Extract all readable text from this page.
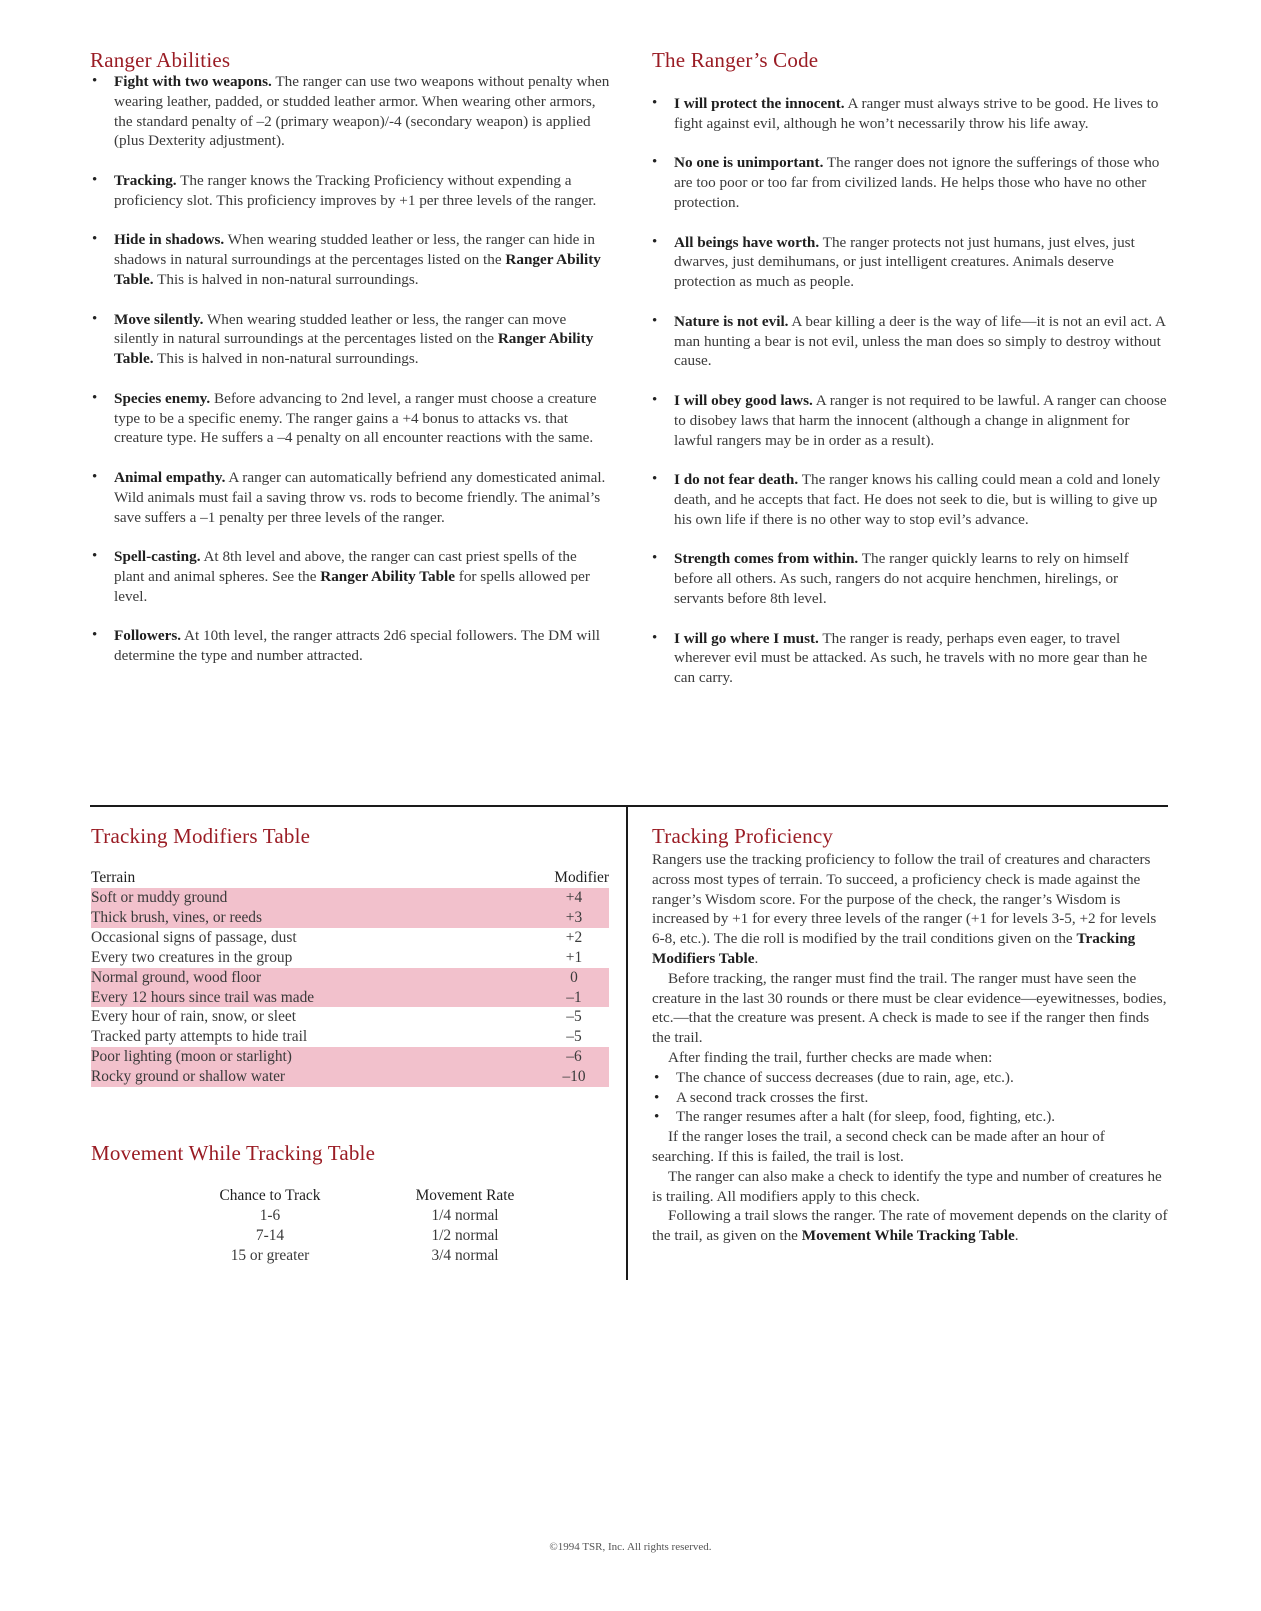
Ranger Abilities
• Fight with two weapons. The ranger can use two weapons without penalty when wearing leather, padded, or studded leather armor. When wearing other armors, the standard penalty of –2 (primary weapon)/-4 (secondary weapon) is applied (plus Dexterity adjustment).
• Tracking. The ranger knows the Tracking Proficiency without expending a proficiency slot. This proficiency improves by +1 per three levels of the ranger.
• Hide in shadows. When wearing studded leather or less, the ranger can hide in shadows in natural surroundings at the percentages listed on the Ranger Ability Table. This is halved in non-natural surroundings.
• Move silently. When wearing studded leather or less, the ranger can move silently in natural surroundings at the percentages listed on the Ranger Ability Table. This is halved in non-natural surroundings.
• Species enemy. Before advancing to 2nd level, a ranger must choose a creature type to be a specific enemy. The ranger gains a +4 bonus to attacks vs. that creature type. He suffers a –4 penalty on all encounter reactions with the same.
• Animal empathy. A ranger can automatically befriend any domesticated animal. Wild animals must fail a saving throw vs. rods to become friendly. The animal’s save suffers a –1 penalty per three levels of the ranger.
• Spell-casting. At 8th level and above, the ranger can cast priest spells of the plant and animal spheres. See the Ranger Ability Table for spells allowed per level.
• Followers. At 10th level, the ranger attracts 2d6 special followers. The DM will determine the type and number attracted.
The Ranger’s Code
• I will protect the innocent. A ranger must always strive to be good. He lives to fight against evil, although he won’t necessarily throw his life away.
• No one is unimportant. The ranger does not ignore the sufferings of those who are too poor or too far from civilized lands. He helps those who have no other protection.
• All beings have worth. The ranger protects not just humans, just elves, just dwarves, just demihumans, or just intelligent creatures. Animals deserve protection as much as people.
• Nature is not evil. A bear killing a deer is the way of life—it is not an evil act. A man hunting a bear is not evil, unless the man does so simply to destroy without cause.
• I will obey good laws. A ranger is not required to be lawful. A ranger can choose to disobey laws that harm the innocent (although a change in alignment for lawful rangers may be in order as a result).
• I do not fear death. The ranger knows his calling could mean a cold and lonely death, and he accepts that fact. He does not seek to die, but is willing to give up his own life if there is no other way to stop evil’s advance.
• Strength comes from within. The ranger quickly learns to rely on himself before all others. As such, rangers do not acquire henchmen, hirelings, or servants before 8th level.
• I will go where I must. The ranger is ready, perhaps even eager, to travel wherever evil must be attacked. As such, he travels with no more gear than he can carry.
Tracking Modifiers Table
Terrain	Modifier
Soft or muddy ground	+4
Thick brush, vines, or reeds	+3
Occasional signs of passage, dust	+2
Every two creatures in the group	+1
Normal ground, wood floor	0
Every 12 hours since trail was made	–1
Every hour of rain, snow, or sleet	–5
Tracked party attempts to hide trail	–5
Poor lighting (moon or starlight)	–6
Rocky ground or shallow water	–10
Movement While Tracking Table
Chance to Track	Movement Rate
1-6	1/4 normal
7-14	1/2 normal
15 or greater	3/4 normal
Tracking Proficiency

Rangers use the tracking proficiency to follow the trail of creatures and characters across most types of terrain. To succeed, a proficiency check is made against the ranger’s Wisdom score. For the purpose of the check, the ranger’s Wisdom is increased by +1 for every three levels of the ranger (+1 for levels 3-5, +2 for levels 6-8, etc.). The die roll is modified by the trail conditions given on the Tracking Modifiers Table.

Before tracking, the ranger must find the trail. The ranger must have seen the creature in the last 30 rounds or there must be clear evidence—eyewitnesses, bodies, etc.—that the creature was present. A check is made to see if the ranger then finds the trail.

After finding the trail, further checks are made when:

• The chance of success decreases (due to rain, age, etc.).
• A second track crosses the first.
• The ranger resumes after a halt (for sleep, food, fighting, etc.).

If the ranger loses the trail, a second check can be made after an hour of searching. If this is failed, the trail is lost.

The ranger can also make a check to identify the type and number of creatures he is trailing. All modifiers apply to this check.

Following a trail slows the ranger. The rate of movement depends on the clarity of the trail, as given on the Movement While Tracking Table.

©1994 TSR, Inc. All rights reserved.
